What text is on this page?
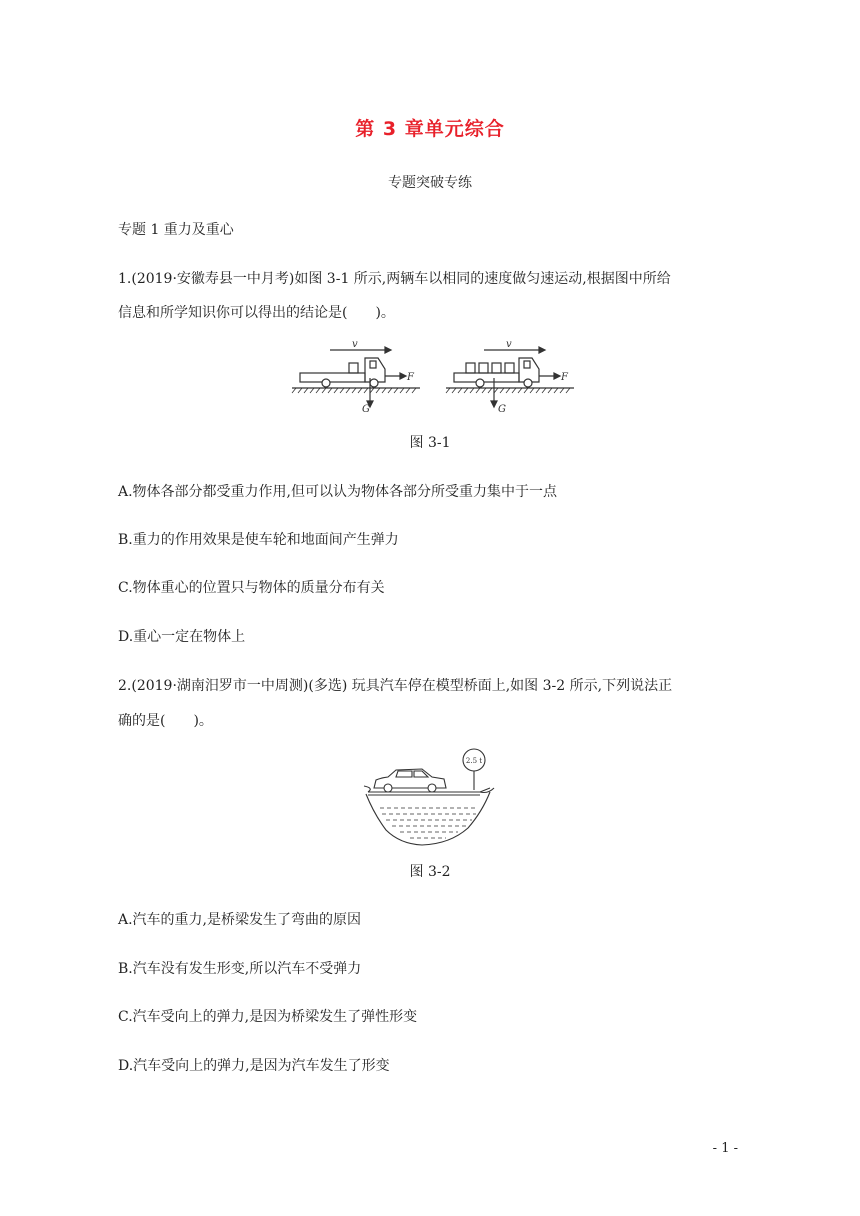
第 3 章单元综合
专题突破专练
专题 1 重力及重心
1.(2019·安徽寿县一中月考)如图 3-1 所示,两辆车以相同的速度做匀速运动,根据图中所给
信息和所学知识你可以得出的结论是(　　)。
v
F
G
v
F
G
图 3-1
A.物体各部分都受重力作用,但可以认为物体各部分所受重力集中于一点
B.重力的作用效果是使车轮和地面间产生弹力
C.物体重心的位置只与物体的质量分布有关
D.重心一定在物体上
2.(2019·湖南汨罗市一中周测)(多选) 玩具汽车停在模型桥面上,如图 3-2 所示,下列说法正
确的是(　　)。
2.5 t
图 3-2
A.汽车的重力,是桥梁发生了弯曲的原因
B.汽车没有发生形变,所以汽车不受弹力
C.汽车受向上的弹力,是因为桥梁发生了弹性形变
D.汽车受向上的弹力,是因为汽车发生了形变
- 1 -
